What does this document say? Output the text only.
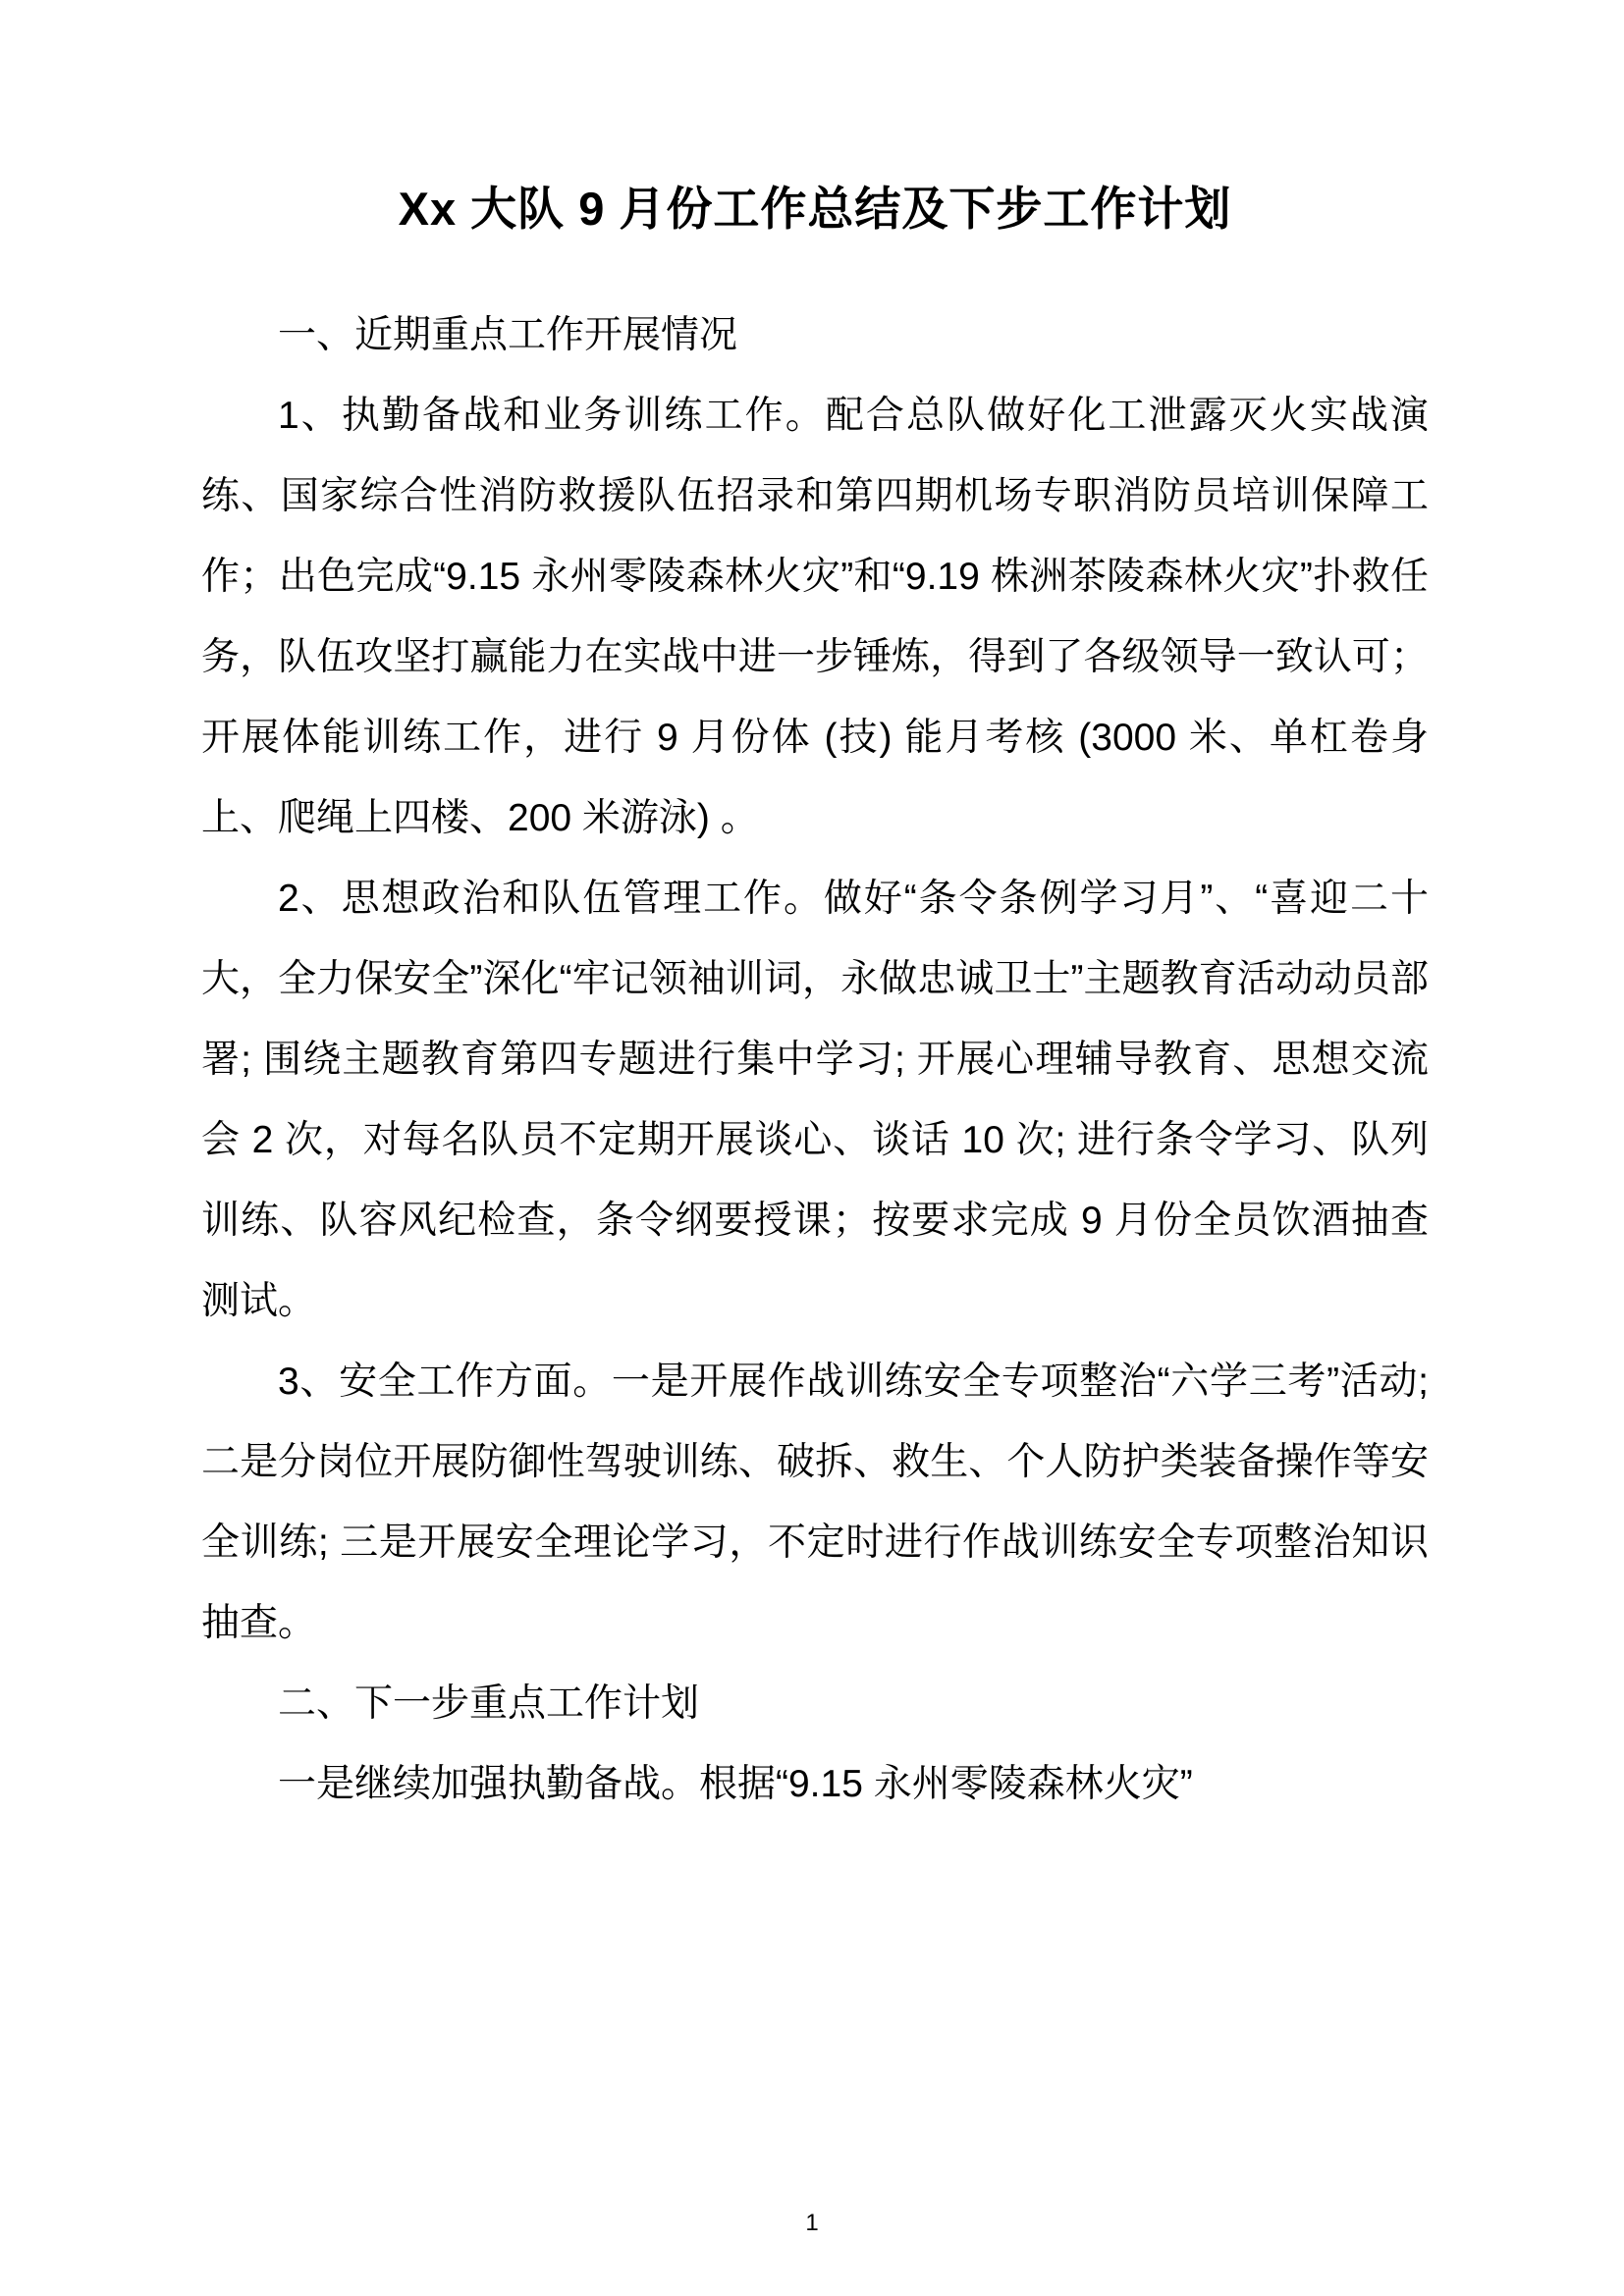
Xx 大队 9 月份工作总结及下步工作计划

一、近期重点工作开展情况

1、执勤备战和业务训练工作。配合总队做好化工泄露灭火实战演练、国家综合性消防救援队伍招录和第四期机场专职消防员培训保障工作；出色完成“9.15 永州零陵森林火灾”和“9.19 株洲茶陵森林火灾”扑救任务，队伍攻坚打赢能力在实战中进一步锤炼，得到了各级领导一致认可；开展体能训练工作，进行 9 月份体 (技) 能月考核 (3000 米、单杠卷身上、爬绳上四楼、200 米游泳) 。

2、思想政治和队伍管理工作。做好“条令条例学习月”、“喜迎二十大，全力保安全”深化“牢记领袖训词，永做忠诚卫士”主题教育活动动员部署; 围绕主题教育第四专题进行集中学习; 开展心理辅导教育、思想交流会 2 次，对每名队员不定期开展谈心、谈话 10 次; 进行条令学习、队列训练、队容风纪检查，条令纲要授课；按要求完成 9 月份全员饮酒抽查测试。

3、安全工作方面。一是开展作战训练安全专项整治“六学三考”活动; 二是分岗位开展防御性驾驶训练、破拆、救生、个人防护类装备操作等安全训练; 三是开展安全理论学习，不定时进行作战训练安全专项整治知识抽查。

二、下一步重点工作计划

一是继续加强执勤备战。根据“9.15 永州零陵森林火灾”

1
